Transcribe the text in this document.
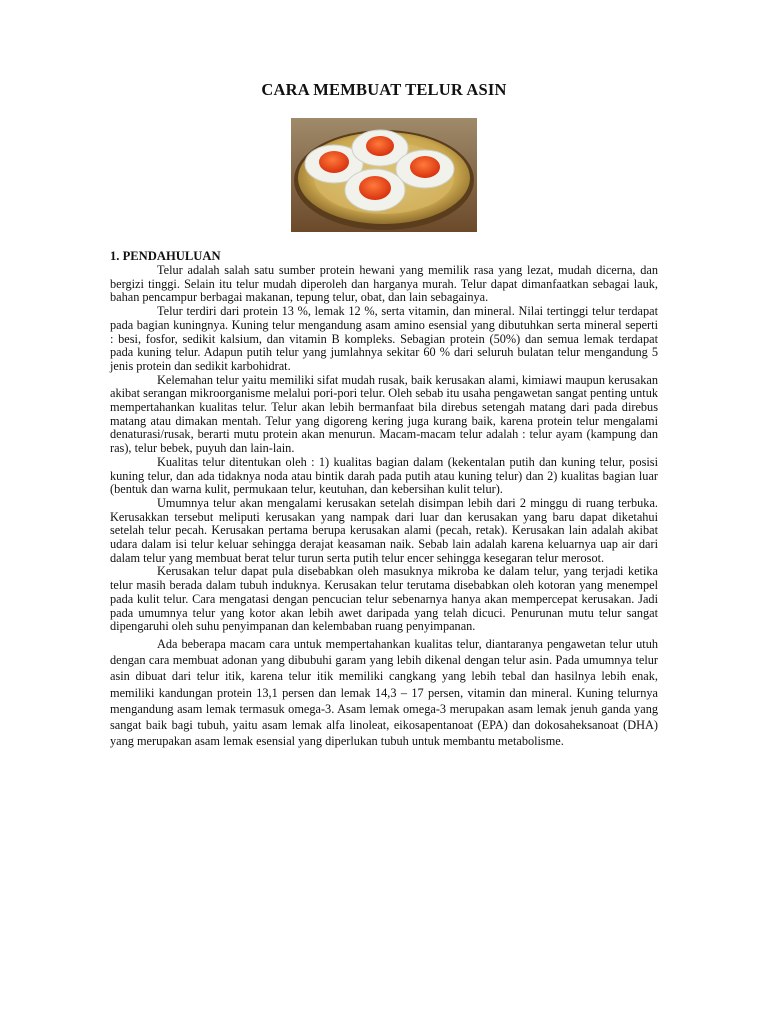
CARA MEMBUAT TELUR ASIN
1. PENDAHULUAN

Telur adalah salah satu sumber protein hewani yang memilik rasa yang lezat, mudah dicerna, dan bergizi tinggi. Selain itu telur mudah diperoleh dan harganya murah. Telur dapat dimanfaatkan sebagai lauk, bahan pencampur berbagai makanan, tepung telur, obat, dan lain sebagainya.

Telur terdiri dari protein 13 %, lemak 12 %, serta vitamin, dan mineral. Nilai tertinggi telur terdapat pada bagian kuningnya. Kuning telur mengandung asam amino esensial yang dibutuhkan serta mineral seperti : besi, fosfor, sedikit kalsium, dan vitamin B kompleks. Sebagian protein (50%) dan semua lemak terdapat pada kuning telur. Adapun putih telur yang jumlahnya sekitar 60 % dari seluruh bulatan telur mengandung 5 jenis protein dan sedikit karbohidrat.

Kelemahan telur yaitu memiliki sifat mudah rusak, baik kerusakan alami, kimiawi maupun kerusakan akibat serangan mikroorganisme melalui pori-pori telur. Oleh sebab itu usaha pengawetan sangat penting untuk mempertahankan kualitas telur. Telur akan lebih bermanfaat bila direbus setengah matang dari pada direbus matang atau dimakan mentah. Telur yang digoreng kering juga kurang baik, karena protein telur mengalami denaturasi/rusak, berarti mutu protein akan menurun. Macam-macam telur adalah : telur ayam (kampung dan ras), telur bebek, puyuh dan lain-lain.

Kualitas telur ditentukan oleh : 1) kualitas bagian dalam (kekentalan putih dan kuning telur, posisi kuning telur, dan ada tidaknya noda atau bintik darah pada putih atau kuning telur) dan 2) kualitas bagian luar (bentuk dan warna kulit, permukaan telur, keutuhan, dan kebersihan kulit telur).

Umumnya telur akan mengalami kerusakan setelah disimpan lebih dari 2 minggu di ruang terbuka. Kerusakkan tersebut meliputi kerusakan yang nampak dari luar dan kerusakan yang baru dapat diketahui setelah telur pecah. Kerusakan pertama berupa kerusakan alami (pecah, retak). Kerusakan lain adalah akibat udara dalam isi telur keluar sehingga derajat keasaman naik. Sebab lain adalah karena keluarnya uap air dari dalam telur yang membuat berat telur turun serta putih telur encer sehingga kesegaran telur merosot.

Kerusakan telur dapat pula disebabkan oleh masuknya mikroba ke dalam telur, yang terjadi ketika telur masih berada dalam tubuh induknya. Kerusakan telur terutama disebabkan oleh kotoran yang menempel pada kulit telur. Cara mengatasi dengan pencucian telur sebenarnya hanya akan mempercepat kerusakan. Jadi pada umumnya telur yang kotor akan lebih awet daripada yang telah dicuci. Penurunan mutu telur sangat dipengaruhi oleh suhu penyimpanan dan kelembaban ruang penyimpanan.

Ada beberapa macam cara untuk mempertahankan kualitas telur, diantaranya pengawetan telur utuh dengan cara membuat adonan yang dibubuhi garam yang lebih dikenal dengan telur asin. Pada umumnya telur asin dibuat dari telur itik, karena telur itik memiliki cangkang yang lebih tebal dan hasilnya lebih enak, memiliki kandungan protein 13,1 persen dan lemak 14,3 – 17 persen, vitamin dan mineral. Kuning telurnya mengandung asam lemak termasuk omega-3. Asam lemak omega-3 merupakan asam lemak jenuh ganda yang sangat baik bagi tubuh, yaitu asam lemak alfa linoleat, eikosapentanoat (EPA) dan dokosaheksanoat (DHA) yang merupakan asam lemak esensial yang diperlukan tubuh untuk membantu metabolisme.
